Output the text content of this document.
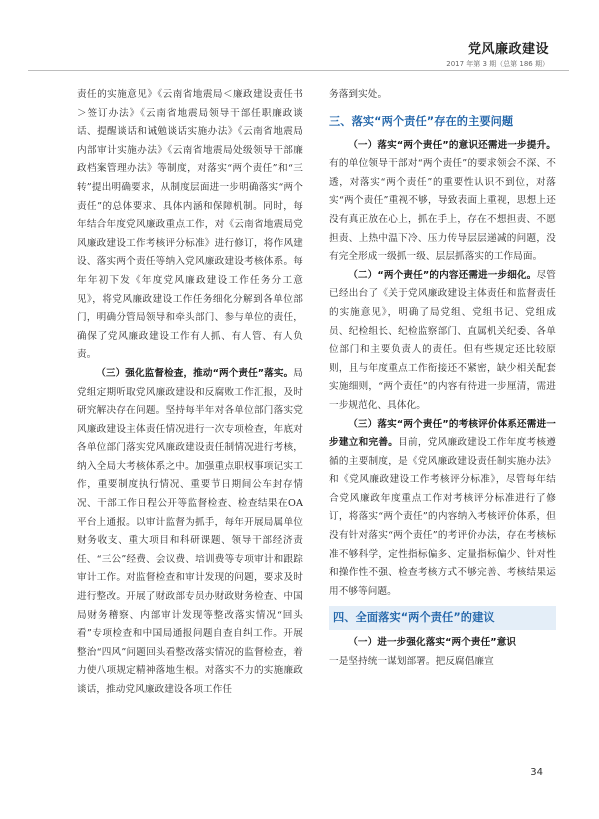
党风廉政建设
2017 年第 3 期（总第 186 期）

责任的实施意见》《云南省地震局＜廉政建设责任书＞签订办法》《云南省地震局领导干部任职廉政谈话、提醒谈话和诫勉谈话实施办法》《云南省地震局内部审计实施办法》《云南省地震局处级领导干部廉政档案管理办法》等制度，对落实“两个责任”和“三转”提出明确要求，从制度层面进一步明确落实“两个责任”的总体要求、具体内涵和保障机制。同时，每年结合年度党风廉政重点工作，对《云南省地震局党风廉政建设工作考核评分标准》进行修订，将作风建设、落实两个责任等纳入党风廉政建设考核体系。每年年初下发《年度党风廉政建设工作任务分工意见》，将党风廉政建设工作任务细化分解到各单位部门，明确分管局领导和牵头部门、参与单位的责任，确保了党风廉政建设工作有人抓、有人管、有人负责。

（三）强化监督检查，推动“两个责任”落实。局党组定期听取党风廉政建设和反腐败工作汇报，及时研究解决存在问题。坚持每半年对各单位部门落实党风廉政建设主体责任情况进行一次专项检查，年底对各单位部门落实党风廉政建设责任制情况进行考核，纳入全局大考核体系之中。加强重点职权事项记实工作，重要制度执行情况、重要节日期间公车封存情况、干部工作日程公开等监督检查、检查结果在OA平台上通报。以审计监督为抓手，每年开展局属单位财务收支、重大项目和科研课题、领导干部经济责任、“三公”经费、会议费、培训费等专项审计和跟踪审计工作。对监督检查和审计发现的问题，要求及时进行整改。开展了财政部专员办财政财务检查、中国局财务稽察、内部审计发现等整改落实情况“回头看”专项检查和中国局通报问题自查自纠工作。开展整治“四风”问题回头看整改落实情况的监督检查，着力使八项规定精神落地生根。对落实不力的实施廉政谈话，推动党风廉政建设各项工作任

务落到实处。

三、落实“两个责任”存在的主要问题

（一）落实“两个责任”的意识还需进一步提升。有的单位领导干部对“两个责任”的要求领会不深、不透，对落实“两个责任”的重要性认识不到位，对落实“两个责任”重视不够，导致表面上重视，思想上还没有真正放在心上，抓在手上，存在不想担责、不愿担责、上热中温下冷、压力传导层层递减的问题，没有完全形成一级抓一级、层层抓落实的工作局面。

（二）“两个责任”的内容还需进一步细化。尽管已经出台了《关于党风廉政建设主体责任和监督责任的实施意见》，明确了局党组、党组书记、党组成员、纪检组长、纪检监察部门、直属机关纪委、各单位部门和主要负责人的责任。但有些规定还比较原则，且与年度重点工作衔接还不紧密，缺少相关配套实施细则，“两个责任”的内容有待进一步厘清，需进一步规范化、具体化。

（三）落实“两个责任”的考核评价体系还需进一步建立和完善。目前，党风廉政建设工作年度考核遵循的主要制度，是《党风廉政建设责任制实施办法》和《党风廉政建设工作考核评分标准》，尽管每年结合党风廉政年度重点工作对考核评分标准进行了修订，将落实“两个责任”的内容纳入考核评价体系，但没有针对落实“两个责任”的考评价办法，存在考核标准不够科学，定性指标偏多、定量指标偏少、针对性和操作性不强、检查考核方式不够完善、考核结果运用不够等问题。

四、全面落实“两个责任”的建议

（一）进一步强化落实“两个责任”意识

一是坚持统一谋划部署。把反腐倡廉宣

34
